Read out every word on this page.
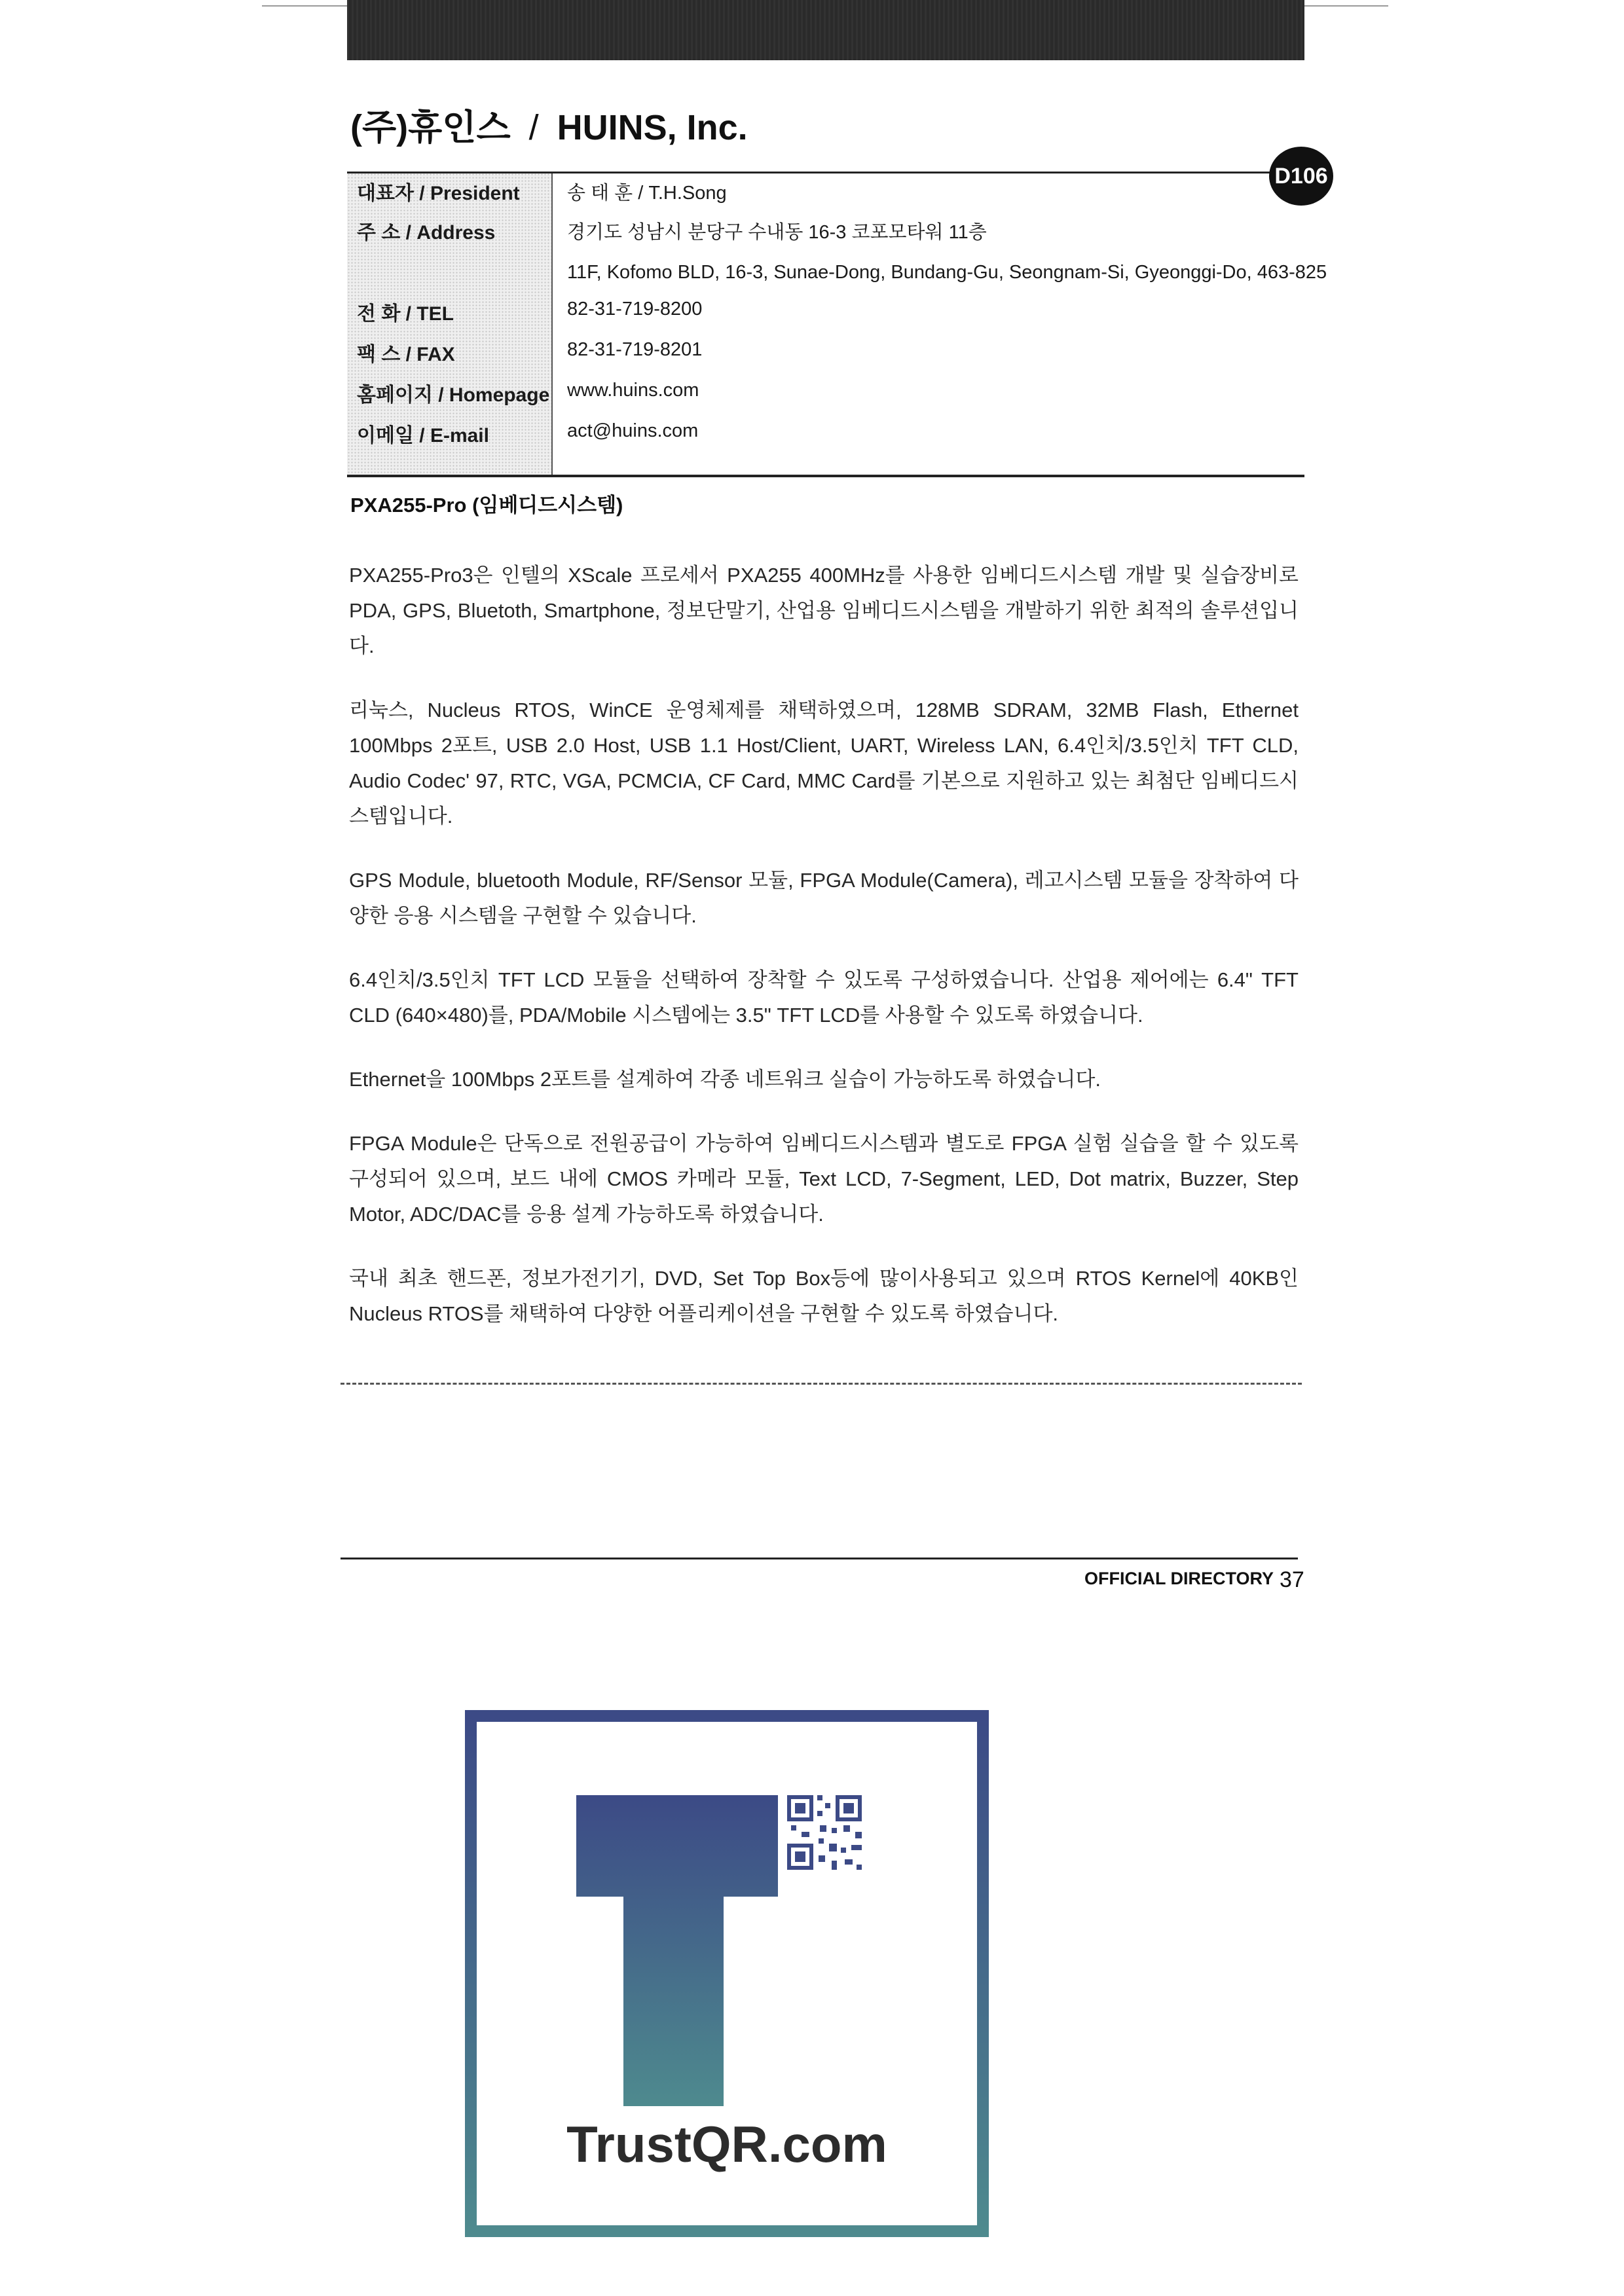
(주)휴인스 / HUINS, Inc.
D106
대표자 / President 송 태 훈 / T.H.Song
주 소 / Address	경기도 성남시 분당구 수내동 16-3 코포모타워 11층
11F, Kofomo BLD, 16-3, Sunae-Dong, Bundang-Gu, Seongnam-Si, Gyeonggi-Do, 463-825
전 화 / TEL	82-31-719-8200
팩 스 / FAX	82-31-719-8201
홈페이지 / Homepage www.huins.com
이메일 / E-mail	act@huins.com
PXA255-Pro (임베디드시스템)

PXA255-Pro3은 인텔의 XScale 프로세서 PXA255 400MHz를 사용한 임베디드시스템 개발 및 실습장비로 PDA, GPS, Bluetoth, Smartphone, 정보단말기, 산업용 임베디드시스템을 개발하기 위한 최적의 솔루션입니다.

리눅스, Nucleus RTOS, WinCE 운영체제를 채택하였으며, 128MB SDRAM, 32MB Flash, Ethernet 100Mbps 2포트, USB 2.0 Host, USB 1.1 Host/Client, UART, Wireless LAN, 6.4인치/3.5인치 TFT CLD, Audio Codec' 97, RTC, VGA, PCMCIA, CF Card, MMC Card를 기본으로 지원하고 있는 최첨단 임베디드시스템입니다.

GPS Module, bluetooth Module, RF/Sensor 모듈, FPGA Module(Camera), 레고시스템 모듈을 장착하여 다양한 응용 시스템을 구현할 수 있습니다.

6.4인치/3.5인치 TFT LCD 모듈을 선택하여 장착할 수 있도록 구성하였습니다. 산업용 제어에는 6.4" TFT CLD (640×480)를, PDA/Mobile 시스템에는 3.5" TFT LCD를 사용할 수 있도록 하였습니다.

Ethernet을 100Mbps 2포트를 설계하여 각종 네트워크 실습이 가능하도록 하였습니다.

FPGA Module은 단독으로 전원공급이 가능하여 임베디드시스템과 별도로 FPGA 실험 실습을 할 수 있도록 구성되어 있으며, 보드 내에 CMOS 카메라 모듈, Text LCD, 7-Segment, LED, Dot matrix, Buzzer, Step Motor, ADC/DAC를 응용 설계 가능하도록 하였습니다.

국내 최초 핸드폰, 정보가전기기, DVD, Set Top Box등에 많이사용되고 있으며 RTOS Kernel에 40KB인 Nucleus RTOS를 채택하여 다양한 어플리케이션을 구현할 수 있도록 하였습니다.

OFFICIAL DIRECTORY 37
TrustQR.com
